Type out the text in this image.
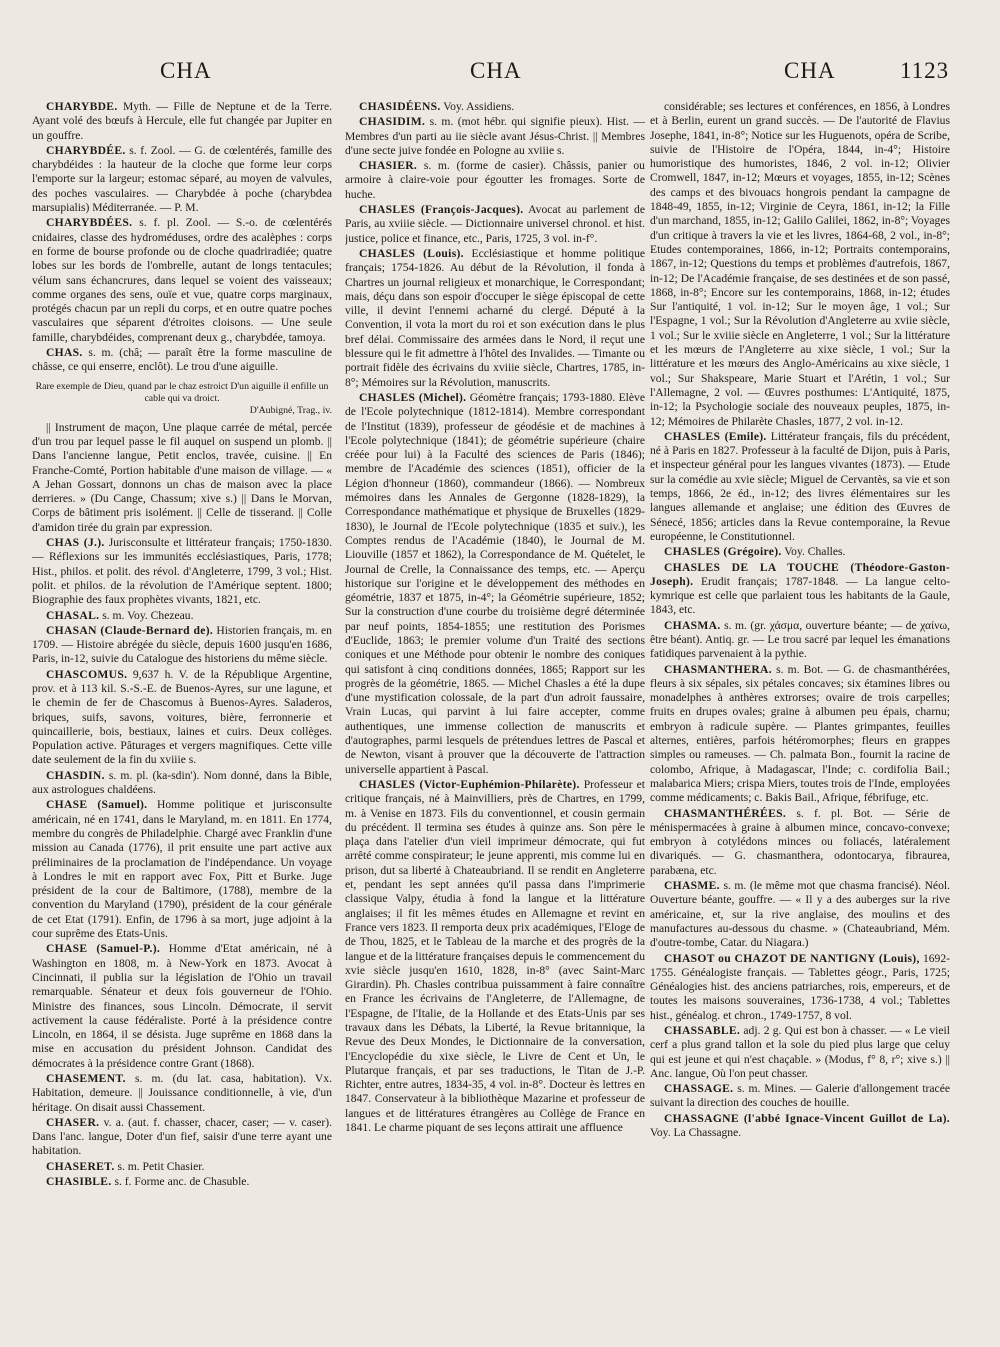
CHA	CHA	CHA	1123
CHARYBDE. Myth. — Fille de Neptune et de la Terre. Ayant volé des bœufs à Hercule, elle fut changée par Jupiter en un gouffre.
CHARYBDÉE. s. f. Zool. — G. de cœlentérés, famille des charybdéides : la hauteur de la cloche que forme leur corps l'emporte sur la largeur; estomac séparé, au moyen de valvules, des poches vasculaires. — Charybdée à poche (charybdea marsupialis) Méditerranée. — P. M.
CHARYBDÉES. s. f. pl. Zool. — S.-o. de cœlentérés cnidaires, classe des hydroméduses, ordre des acalèphes : corps en forme de bourse profonde ou de cloche quadriradiée; quatre lobes sur les bords de l'ombrelle, autant de longs tentacules; vélum sans échancrures, dans lequel se voient des vaisseaux; comme organes des sens, ouïe et vue, quatre corps marginaux, protégés chacun par un repli du corps, et en outre quatre poches vasculaires que séparent d'étroites cloisons. — Une seule famille, charybdéides, comprenant deux g., charybdée, tamoya.
CHAS. s. m. (châ; — paraît être la forme masculine de châsse, ce qui enserre, enclôt). Le trou d'une aiguille.
Rare exemple de Dieu, quand par le chaz estroict D'un aiguille il enfille un cable qui va droict.
D'Aubigné, Trag., iv.
|| Instrument de maçon, Une plaque carrée de métal, percée d'un trou par lequel passe le fil auquel on suspend un plomb. || Dans l'ancienne langue, Petit enclos, travée, cuisine. || En Franche-Comté, Portion habitable d'une maison de village. — « A Jehan Gossart, donnons un chas de maison avec la place derrieres. » (Du Cange, Chassum; xive s.) || Dans le Morvan, Corps de bâtiment pris isolément. || Celle de tisserand. || Colle d'amidon tirée du grain par expression.
CHAS (J.). Jurisconsulte et littérateur français; 1750-1830. — Réflexions sur les immunités ecclésiastiques, Paris, 1778; Hist., philos. et polit. des révol. d'Angleterre, 1799, 3 vol.; Hist. polit. et philos. de la révolution de l'Amérique septent. 1800; Biographie des faux prophètes vivants, 1821, etc.
CHASAL. s. m. Voy. Chezeau.
CHASAN (Claude-Bernard de). Historien français, m. en 1709. — Histoire abrégée du siècle, depuis 1600 jusqu'en 1686, Paris, in-12, suivie du Catalogue des historiens du même siècle.
CHASCOMUS. 9,637 h. V. de la République Argentine, prov. et à 113 kil. S.-S.-E. de Buenos-Ayres, sur une lagune, et le chemin de fer de Chascomus à Buenos-Ayres. Saladeros, briques, suifs, savons, voitures, bière, ferronnerie et quincaillerie, bois, bestiaux, laines et cuirs. Deux collèges. Population active. Pâturages et vergers magnifiques. Cette ville date seulement de la fin du xviiie s.
CHASDIN. s. m. pl. (ka-sdin'). Nom donné, dans la Bible, aux astrologues chaldéens.
CHASE (Samuel). Homme politique et jurisconsulte américain, né en 1741, dans le Maryland, m. en 1811. En 1774, membre du congrès de Philadelphie. Chargé avec Franklin d'une mission au Canada (1776), il prit ensuite une part active aux préliminaires de la proclamation de l'indépendance. Un voyage à Londres le mit en rapport avec Fox, Pitt et Burke. Juge président de la cour de Baltimore, (1788), membre de la convention du Maryland (1790), président de la cour générale de cet Etat (1791). Enfin, de 1796 à sa mort, juge adjoint à la cour suprême des Etats-Unis.
CHASE (Samuel-P.). Homme d'Etat américain, né à Washington en 1808, m. à New-York en 1873. Avocat à Cincinnati, il publia sur la législation de l'Ohio un travail remarquable. Sénateur et deux fois gouverneur de l'Ohio. Ministre des finances, sous Lincoln. Démocrate, il servit activement la cause fédéraliste. Porté à la présidence contre Lincoln, en 1864, il se désista. Juge suprême en 1868 dans la mise en accusation du président Johnson. Candidat des démocrates à la présidence contre Grant (1868).
CHASEMENT. s. m. (du lat. casa, habitation). Vx. Habitation, demeure. || Jouissance conditionnelle, à vie, d'un héritage. On disait aussi Chassement.
CHASER. v. a. (aut. f. chasser, chacer, caser; — v. caser). Dans l'anc. langue, Doter d'un fief, saisir d'une terre ayant une habitation.
CHASERET. s. m. Petit Chasier.
CHASIBLE. s. f. Forme anc. de Chasuble.
CHASIDÉENS. Voy. Assidiens.
CHASIDIM. s. m. (mot hébr. qui signifie pieux). Hist. — Membres d'un parti au iie siècle avant Jésus-Christ. || Membres d'une secte juive fondée en Pologne au xviiie s.
CHASIER. s. m. (forme de casier). Châssis, panier ou armoire à claire-voie pour égoutter les fromages. Sorte de huche.
CHASLES (François-Jacques). Avocat au parlement de Paris, au xviiie siècle. — Dictionnaire universel chronol. et hist. justice, police et finance, etc., Paris, 1725, 3 vol. in-f°.
CHASLES (Louis). Ecclésiastique et homme politique français; 1754-1826. Au début de la Révolution, il fonda à Chartres un journal religieux et monarchique, le Correspondant; mais, déçu dans son espoir d'occuper le siège épiscopal de cette ville, il devint l'ennemi acharné du clergé. Député à la Convention, il vota la mort du roi et son exécution dans le plus bref délai. Commissaire des armées dans le Nord, il reçut une blessure qui le fit admettre à l'hôtel des Invalides. — Timante ou portrait fidèle des écrivains du xviiie siècle, Chartres, 1785, in-8°; Mémoires sur la Révolution, manuscrits.
CHASLES (Michel). Géomètre français; 1793-1880. Elève de l'Ecole polytechnique (1812-1814). Membre correspondant de l'Institut (1839), professeur de géodésie et de machines à l'Ecole polytechnique (1841); de géométrie supérieure (chaire créée pour lui) à la Faculté des sciences de Paris (1846); membre de l'Académie des sciences (1851), officier de la Légion d'honneur (1860), commandeur (1866). — Nombreux mémoires dans les Annales de Gergonne (1828-1829), la Correspondance mathématique et physique de Bruxelles (1829-1830), le Journal de l'Ecole polytechnique (1835 et suiv.), les Comptes rendus de l'Académie (1840), le Journal de M. Liouville (1857 et 1862), la Correspondance de M. Quételet, le Journal de Crelle, la Connaissance des temps, etc. — Aperçu historique sur l'origine et le développement des méthodes en géométrie, 1837 et 1875, in-4°; la Géométrie supérieure, 1852; Sur la construction d'une courbe du troisième degré déterminée par neuf points, 1854-1855; une restitution des Porismes d'Euclide, 1863; le premier volume d'un Traité des sections coniques et une Méthode pour obtenir le nombre des coniques qui satisfont à cinq conditions données, 1865; Rapport sur les progrès de la géométrie, 1865. — Michel Chasles a été la dupe d'une mystification colossale, de la part d'un adroit faussaire, Vrain Lucas, qui parvint à lui faire accepter, comme authentiques, une immense collection de manuscrits et d'autographes, parmi lesquels de prétendues lettres de Pascal et de Newton, visant à prouver que la découverte de l'attraction universelle appartient à Pascal.
CHASLES (Victor-Euphémion-Philarète). Professeur et critique français, né à Mainvilliers, près de Chartres, en 1799, m. à Venise en 1873. Fils du conventionnel, et cousin germain du précédent. Il termina ses études à quinze ans. Son père le plaça dans l'atelier d'un vieil imprimeur démocrate, qui fut arrêté comme conspirateur; le jeune apprenti, mis comme lui en prison, dut sa liberté à Chateaubriand. Il se rendit en Angleterre et, pendant les sept années qu'il passa dans l'imprimerie classique Valpy, étudia à fond la langue et la littérature anglaises; il fit les mêmes études en Allemagne et revint en France vers 1823. Il remporta deux prix académiques, l'Eloge de de Thou, 1825, et le Tableau de la marche et des progrès de la langue et de la littérature françaises depuis le commencement du xvie siècle jusqu'en 1610, 1828, in-8° (avec Saint-Marc Girardin). Ph. Chasles contribua puissamment à faire connaître en France les écrivains de l'Angleterre, de l'Allemagne, de l'Espagne, de l'Italie, de la Hollande et des Etats-Unis par ses travaux dans les Débats, la Liberté, la Revue britannique, la Revue des Deux Mondes, le Dictionnaire de la conversation, l'Encyclopédie du xixe siècle, le Livre de Cent et Un, le Plutarque français, et par ses traductions, le Titan de J.-P. Richter, entre autres, 1834-35, 4 vol. in-8°. Docteur ès lettres en 1847. Conservateur à la bibliothèque Mazarine et professeur de langues et de littératures étrangères au Collège de France en 1841. Le charme piquant de ses leçons attirait une affluence
considérable; ses lectures et conférences, en 1856, à Londres et à Berlin, eurent un grand succès. — De l'autorité de Flavius Josephe, 1841, in-8°; Notice sur les Huguenots, opéra de Scribe, suivie de l'Histoire de l'Opéra, 1844, in-4°; Histoire humoristique des humoristes, 1846, 2 vol. in-12; Olivier Cromwell, 1847, in-12; Mœurs et voyages, 1855, in-12; Scènes des camps et des bivouacs hongrois pendant la campagne de 1848-49, 1855, in-12; Virginie de Ceyra, 1861, in-12; la Fille d'un marchand, 1855, in-12; Galilo Galilei, 1862, in-8°; Voyages d'un critique à travers la vie et les livres, 1864-68, 2 vol., in-8°; Etudes contemporaines, 1866, in-12; Portraits contemporains, 1867, in-12; Questions du temps et problèmes d'autrefois, 1867, in-12; De l'Académie française, de ses destinées et de son passé, 1868, in-8°; Encore sur les contemporains, 1868, in-12; études Sur l'antiquité, 1 vol. in-12; Sur le moyen âge, 1 vol.; Sur l'Espagne, 1 vol.; Sur la Révolution d'Angleterre au xviie siècle, 1 vol.; Sur le xviiie siècle en Angleterre, 1 vol.; Sur la littérature et les mœurs de l'Angleterre au xixe siècle, 1 vol.; Sur la littérature et les mœurs des Anglo-Américains au xixe siècle, 1 vol.; Sur Shakspeare, Marie Stuart et l'Arétin, 1 vol.; Sur l'Allemagne, 2 vol. — Œuvres posthumes: L'Antiquité, 1875, in-12; la Psychologie sociale des nouveaux peuples, 1875, in-12; Mémoires de Philarète Chasles, 1877, 2 vol. in-12.
CHASLES (Emile). Littérateur français, fils du précédent, né à Paris en 1827. Professeur à la faculté de Dijon, puis à Paris, et inspecteur général pour les langues vivantes (1873). — Etude sur la comédie au xvie siècle; Miguel de Cervantès, sa vie et son temps, 1866, 2e éd., in-12; des livres élémentaires sur les langues allemande et anglaise; une édition des Œuvres de Sénecé, 1856; articles dans la Revue contemporaine, la Revue européenne, le Constitutionnel.
CHASLES (Grégoire). Voy. Challes.
CHASLES DE LA TOUCHE (Théodore-Gaston-Joseph). Erudit français; 1787-1848. — La langue celto-kymrique est celle que parlaient tous les habitants de la Gaule, 1843, etc.
CHASMA. s. m. (gr. χάσμα, ouverture béante; — de χαίνω, être béant). Antiq. gr. — Le trou sacré par lequel les émanations fatidiques parvenaient à la pythie.
CHASMANTHERA. s. m. Bot. — G. de chasmanthérées, fleurs à six sépales, six pétales concaves; six étamines libres ou monadelphes à anthères extrorses; ovaire de trois carpelles; fruits en drupes ovales; graine à albumen peu épais, charnu; embryon à radicule supère. — Plantes grimpantes, feuilles alternes, entières, parfois hétéromorphes; fleurs en grappes simples ou rameuses. — Ch. palmata Bon., fournit la racine de colombo, Afrique, à Madagascar, l'Inde; c. cordifolia Bail.; malabarica Miers; crispa Miers, toutes trois de l'Inde, employées comme médicaments; c. Bakis Bail., Afrique, fébrifuge, etc.
CHASMANTHÉRÉES. s. f. pl. Bot. — Série de ménispermacées à graine à albumen mince, concavo-convexe; embryon à cotylédons minces ou foliacés, latéralement divariqués. — G. chasmanthera, odontocarya, fibraurea, parabæna, etc.
CHASME. s. m. (le même mot que chasma francisé). Néol. Ouverture béante, gouffre. — « Il y a des auberges sur la rive américaine, et, sur la rive anglaise, des moulins et des manufactures au-dessous du chasme. » (Chateaubriand, Mém. d'outre-tombe, Catar. du Niagara.)
CHASOT ou CHAZOT DE NANTIGNY (Louis), 1692-1755. Généalogiste français. — Tablettes géogr., Paris, 1725; Généalogies hist. des anciens patriarches, rois, empereurs, et de toutes les maisons souveraines, 1736-1738, 4 vol.; Tablettes hist., généalog. et chron., 1749-1757, 8 vol.
CHASSABLE. adj. 2 g. Qui est bon à chasser. — « Le vieil cerf a plus grand tallon et la sole du pied plus large que celuy qui est jeune et qui n'est chaçable. » (Modus, f° 8, r°; xive s.) || Anc. langue, Où l'on peut chasser.
CHASSAGE. s. m. Mines. — Galerie d'allongement tracée suivant la direction des couches de houille.
CHASSAGNE (l'abbé Ignace-Vincent Guillot de La). Voy. La Chassagne.
